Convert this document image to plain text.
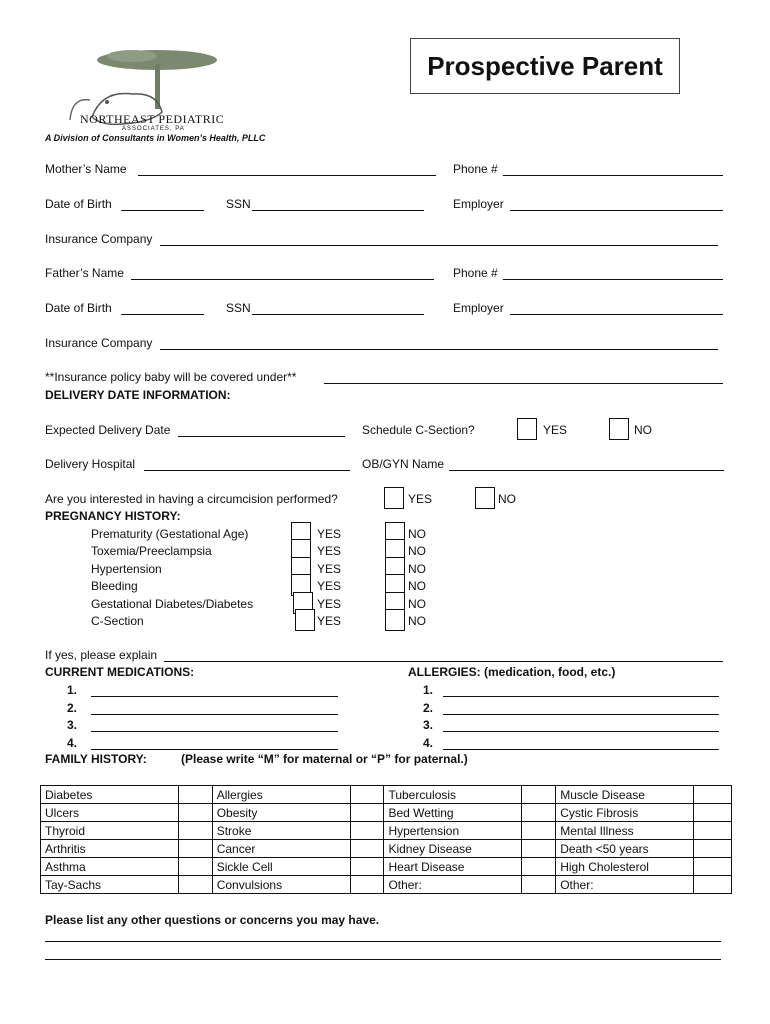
NORTHEAST PEDIATRIC
ASSOCIATES, PA
A Division of Consultants in Women’s Health, PLLC
Prospective Parent
Mother’s Name	Phone #
Date of Birth	SSN	Employer
Insurance Company
Father’s Name	Phone #
Date of Birth	SSN	Employer
Insurance Company
**Insurance policy baby will be covered under**
DELIVERY DATE INFORMATION:
Expected Delivery Date	Schedule C-Section?	YES	NO
Delivery Hospital	OB/GYN Name
Are you interested in having a circumcision performed?	YES	NO
PREGNANCY HISTORY:
Prematurity (Gestational Age)	YES	NO
Toxemia/Preeclampsia	YES	NO
Hypertension	YES	NO
Bleeding	YES	NO
Gestational Diabetes/Diabetes	YES	NO
C-Section	YES	NO
If yes, please explain
CURRENT MEDICATIONS:	ALLERGIES: (medication, food, etc.)
1.	1.
2.	2.
3.	3.
4.	4.
FAMILY HISTORY:	(Please write “M” for maternal or “P” for paternal.)
Diabetes		Allergies		Tuberculosis		Muscle Disease	
Ulcers		Obesity		Bed Wetting		Cystic Fibrosis	
Thyroid		Stroke		Hypertension		Mental Illness	
Arthritis		Cancer		Kidney Disease		Death <50 years	
Asthma		Sickle Cell		Heart Disease		High Cholesterol	
Tay-Sachs		Convulsions		Other:		Other:	
Please list any other questions or concerns you may have.
